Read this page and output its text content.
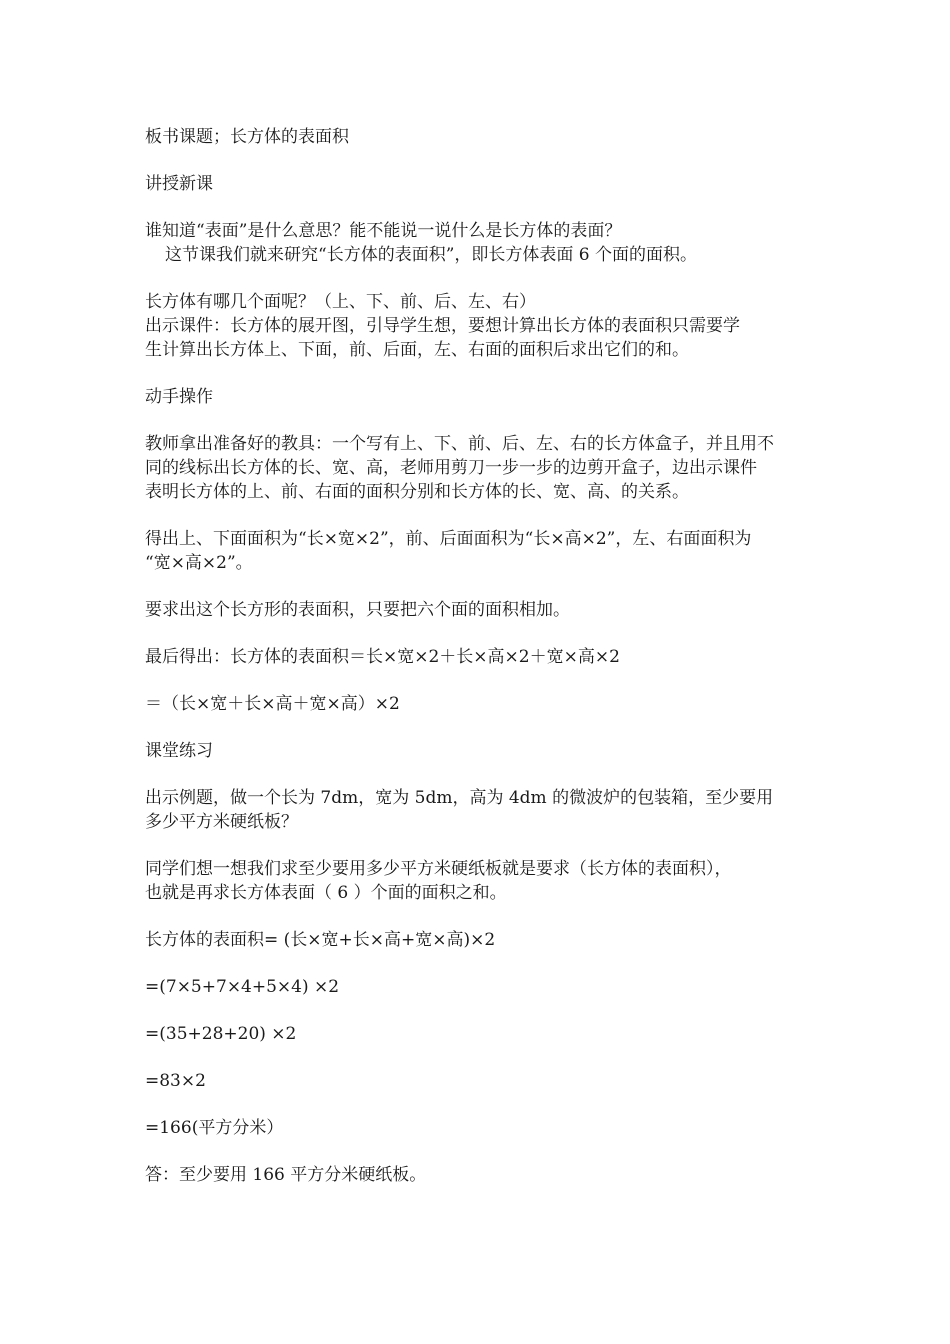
板书课题；长方体的表面积
讲授新课
谁知道“表面”是什么意思？能不能说一说什么是长方体的表面？
这节课我们就来研究“长方体的表面积”，即长方体表面 6 个面的面积。
长方体有哪几个面呢？（上、下、前、后、左、右）
出示课件：长方体的展开图，引导学生想，要想计算出长方体的表面积只需要学
生计算出长方体上、下面，前、后面，左、右面的面积后求出它们的和。
动手操作
教师拿出准备好的教具：一个写有上、下、前、后、左、右的长方体盒子，并且用不
同的线标出长方体的长、宽、高，老师用剪刀一步一步的边剪开盒子，边出示课件
表明长方体的上、前、右面的面积分别和长方体的长、宽、高、的关系。
得出上、下面面积为“长×宽×2”，前、后面面积为“长×高×2”，左、右面面积为
“宽×高×2”。
要求出这个长方形的表面积，只要把六个面的面积相加。
最后得出：长方体的表面积＝长×宽×2＋长×高×2＋宽×高×2
＝（长×宽＋长×高＋宽×高）×2
课堂练习
出示例题，做一个长为 7dm，宽为 5dm，高为 4dm 的微波炉的包装箱，至少要用
多少平方米硬纸板？
同学们想一想我们求至少要用多少平方米硬纸板就是要求（长方体的表面积），
也就是再求长方体表面（ 6 ）个面的面积之和。
长方体的表面积= (长×宽+长×高+宽×高)×2
=(7×5+7×4+5×4) ×2
=(35+28+20) ×2
=83×2
=166(平方分米）
答：至少要用 166 平方分米硬纸板。
